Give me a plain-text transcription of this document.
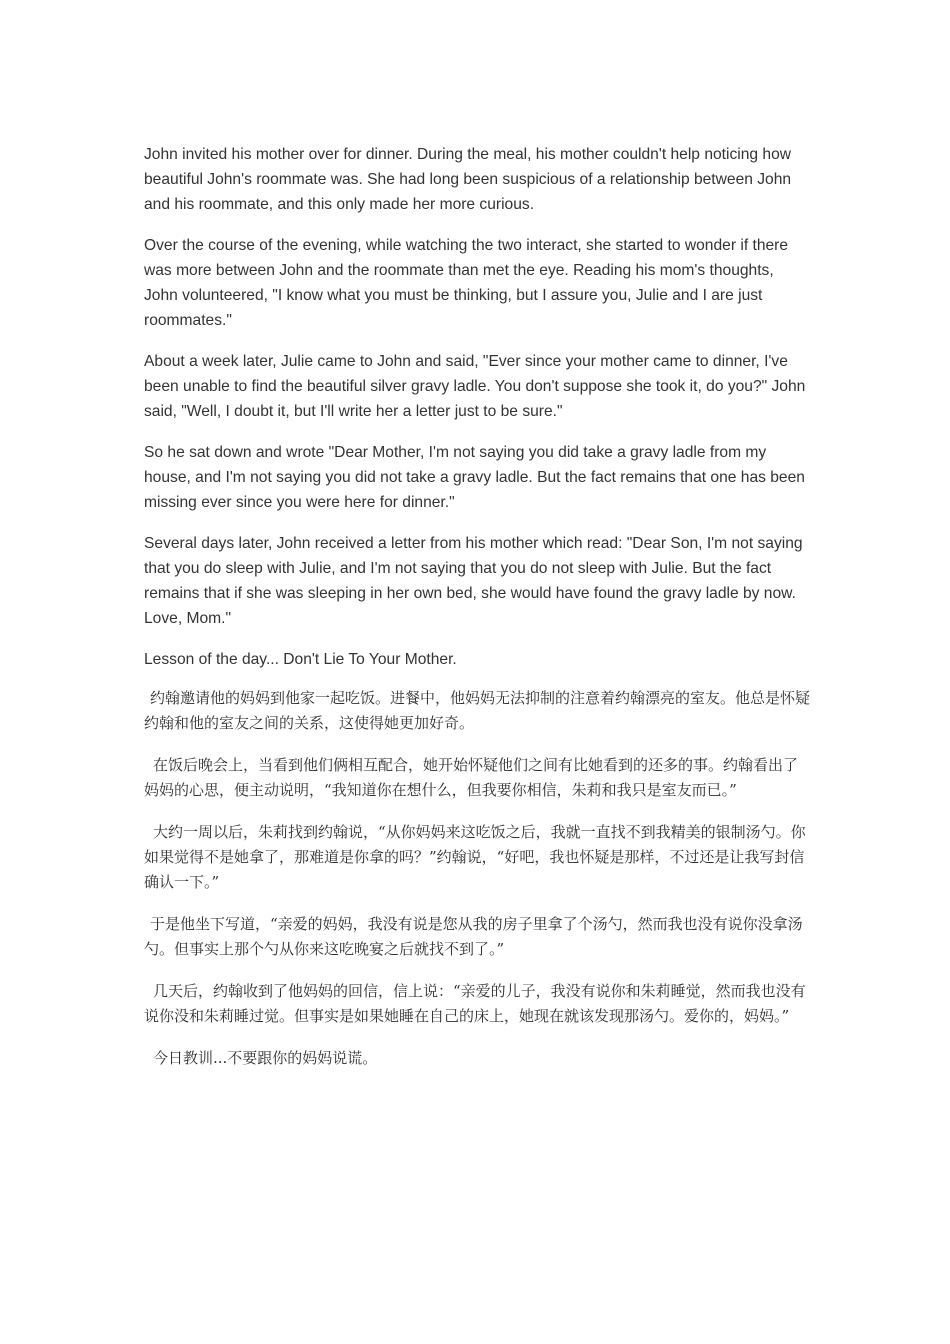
John invited his mother over for dinner. During the meal, his mother couldn't help noticing how beautiful John's roommate was. She had long been suspicious of a relationship between John and his roommate, and this only made her more curious.

Over the course of the evening, while watching the two interact, she started to wonder if there was more between John and the roommate than met the eye. Reading his mom's thoughts, John volunteered, "I know what you must be thinking, but I assure you, Julie and I are just roommates."

About a week later, Julie came to John and said, "Ever since your mother came to dinner, I've been unable to find the beautiful silver gravy ladle. You don't suppose she took it, do you?" John said, "Well, I doubt it, but I'll write her a letter just to be sure."

So he sat down and wrote "Dear Mother, I'm not saying you did take a gravy ladle from my house, and I'm not saying you did not take a gravy ladle. But the fact remains that one has been missing ever since you were here for dinner."

Several days later, John received a letter from his mother which read: "Dear Son, I'm not saying that you do sleep with Julie, and I'm not saying that you do not sleep with Julie. But the fact remains that if she was sleeping in her own bed, she would have found the gravy ladle by now. Love, Mom."

Lesson of the day... Don't Lie To Your Mother.

约翰邀请他的妈妈到他家一起吃饭。进餐中，他妈妈无法抑制的注意着约翰漂亮的室友。他总是怀疑约翰和他的室友之间的关系，这使得她更加好奇。

在饭后晚会上，当看到他们俩相互配合，她开始怀疑他们之间有比她看到的还多的事。约翰看出了妈妈的心思，便主动说明，“我知道你在想什么，但我要你相信，朱莉和我只是室友而已。”

大约一周以后，朱莉找到约翰说，“从你妈妈来这吃饭之后，我就一直找不到我精美的银制汤勺。你如果觉得不是她拿了，那难道是你拿的吗？”约翰说，“好吧，我也怀疑是那样，不过还是让我写封信确认一下。”

于是他坐下写道，“亲爱的妈妈，我没有说是您从我的房子里拿了个汤勺，然而我也没有说你没拿汤勺。但事实上那个勺从你来这吃晚宴之后就找不到了。”

几天后，约翰收到了他妈妈的回信，信上说：“亲爱的儿子，我没有说你和朱莉睡觉，然而我也没有说你没和朱莉睡过觉。但事实是如果她睡在自己的床上，她现在就该发现那汤勺。爱你的，妈妈。”

今日教训...不要跟你的妈妈说谎。
